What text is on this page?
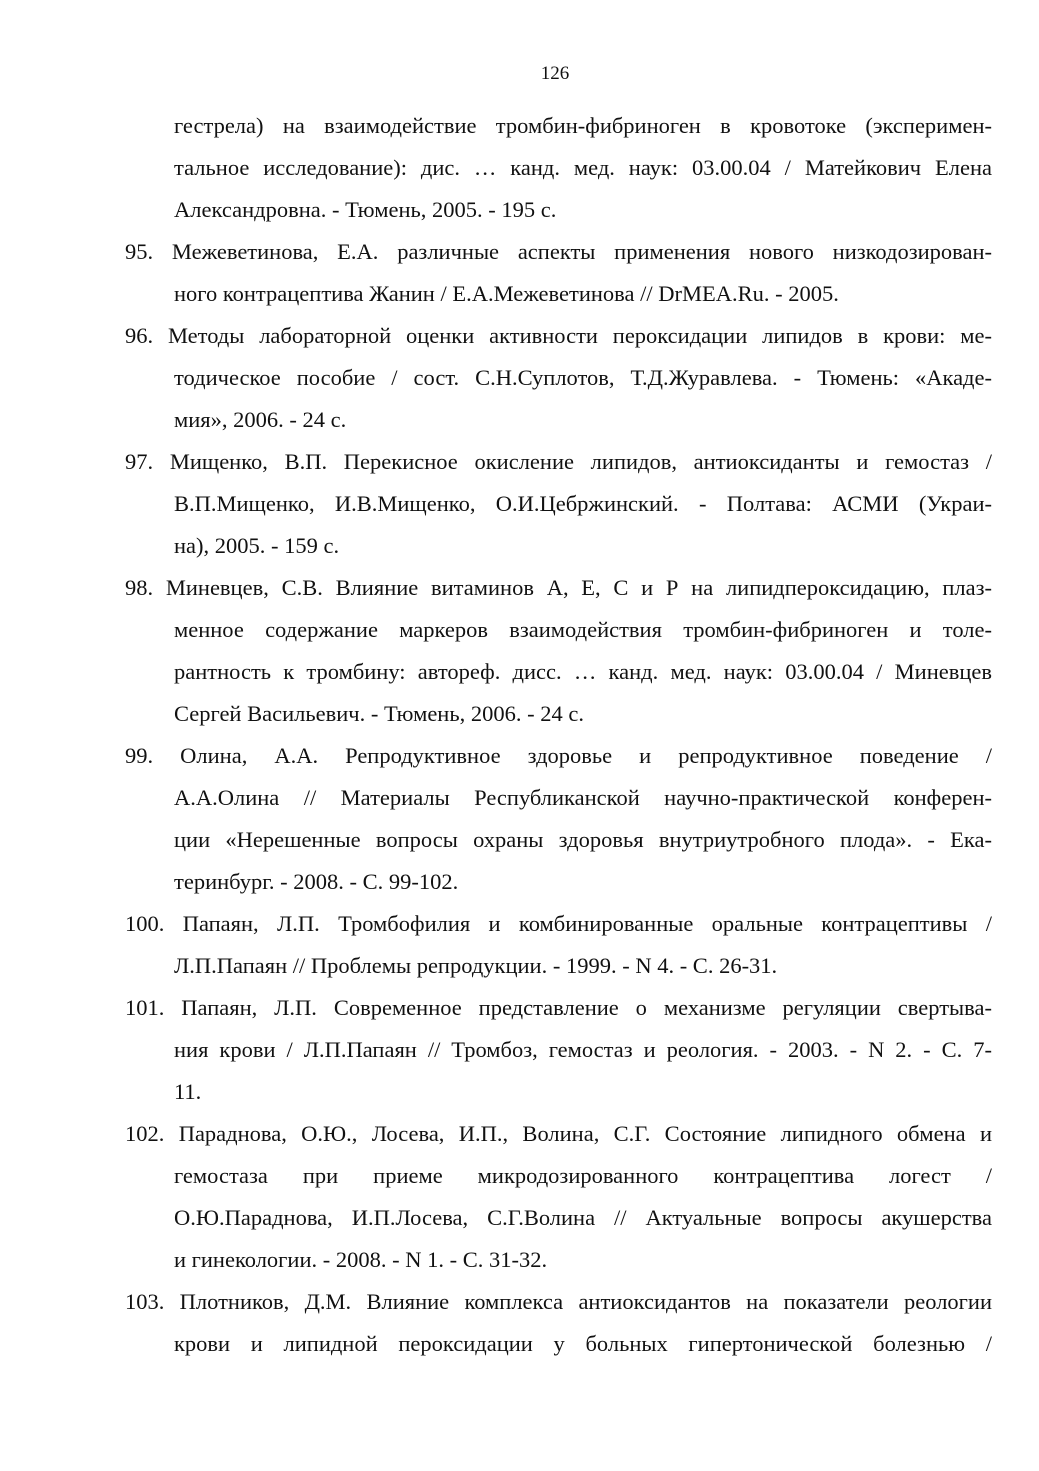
126
гестрела) на взаимодействие тромбин-фибриноген в кровотоке (эксперимен-
тальное исследование): дис. … канд. мед. наук: 03.00.04 / Матейкович Елена
Александровна. - Тюмень, 2005. - 195 с.
95. Межеветинова, Е.А. различные аспекты применения нового низкодозирован-
ного контрацептива Жанин / Е.А.Межеветинова // DrMEA.Ru. - 2005.
96. Методы лабораторной оценки активности пероксидации липидов в крови: ме-
тодическое пособие / сост. С.Н.Суплотов, Т.Д.Журавлева. - Тюмень: «Акаде-
мия», 2006. - 24 с.
97. Мищенко, В.П. Перекисное окисление липидов, антиоксиданты и гемостаз /
В.П.Мищенко, И.В.Мищенко, О.И.Цебржинский. - Полтава: АСМИ (Украи-
на), 2005. - 159 с.
98. Миневцев, С.В. Влияние витаминов А, Е, С и Р на липидпероксидацию, плаз-
менное содержание маркеров взаимодействия тромбин-фибриноген и толе-
рантность к тромбину: автореф. дисс. … канд. мед. наук: 03.00.04 / Миневцев
Сергей Васильевич. - Тюмень, 2006. - 24 с.
99. Олина, А.А. Репродуктивное здоровье и репродуктивное поведение /
А.А.Олина // Материалы Республиканской научно-практической конферен-
ции «Нерешенные вопросы охраны здоровья внутриутробного плода». - Ека-
теринбург. - 2008. - С. 99-102.
100. Папаян, Л.П. Тромбофилия и комбинированные оральные контрацептивы /
Л.П.Папаян // Проблемы репродукции. - 1999. - N 4. - С. 26-31.
101. Папаян, Л.П. Современное представление о механизме регуляции свертыва-
ния крови / Л.П.Папаян // Тромбоз, гемостаз и реология. - 2003. - N 2. - С. 7-
11.
102. Параднова, О.Ю., Лосева, И.П., Волина, С.Г. Состояние липидного обмена и
гемостаза при приеме микродозированного контрацептива логест /
О.Ю.Параднова, И.П.Лосева, С.Г.Волина // Актуальные вопросы акушерства
и гинекологии. - 2008. - N 1. - С. 31-32.
103. Плотников, Д.М. Влияние комплекса антиоксидантов на показатели реологии
крови и липидной пероксидации у больных гипертонической болезнью /
